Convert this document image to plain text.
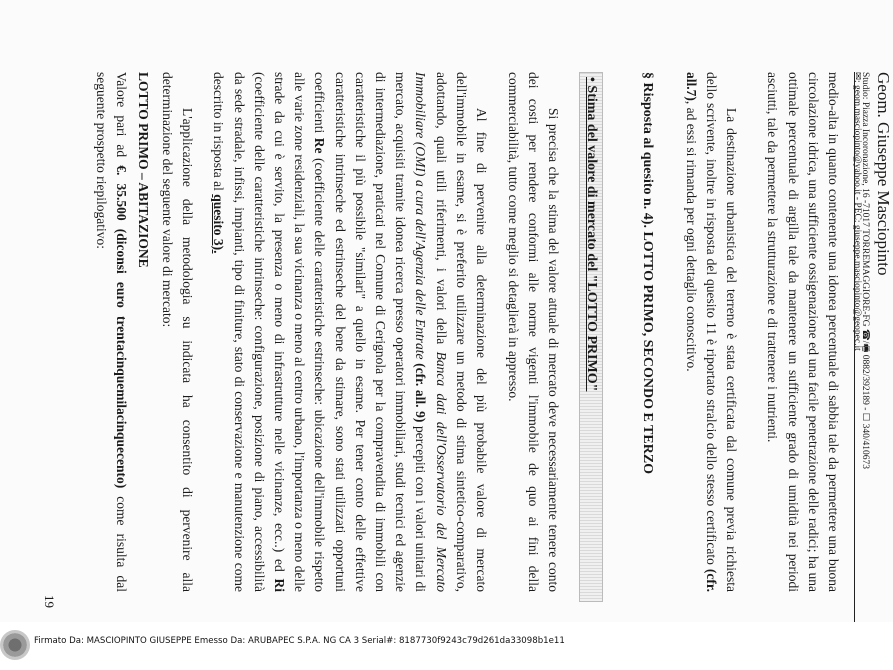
Geom. Giuseppe Masciopinto
Studio: Piazza Incoronazione, 16 -71017 TORREMAGGIORE-FG ☎/🖷 0882/392189 - ☐ 340/410673
✉: geom.masciopinto@yahoo.it - PEC: giuseppe.masciopinto@geopec.it
medio-alta in quanto contenente una idonea percentuale di sabbia tale da permettere una buona circolazione idrica, una sufficiente ossigenazione ed una facile penetrazione delle radici; ha una ottimale percentuale di argilla tale da mantenere un sufficiente grado di umidità nei periodi asciutti, tale da permettere la strutturazione e di trattenere i nutrienti.
La destinazione urbanistica del terreno è stata certificata dal comune previa richiesta dello scrivente, inoltre in risposta del quesito 11 è riportato stralcio dello stesso certificato (cfr. all.7), ad essi si rimanda per ogni dettaglio conoscitivo.
§ Risposta al quesito n. 4). LOTTO PRIMO, SECONDO E TERZO
• Stima del valore di mercato del "LOTTO PRIMO"
Si precisa che la stima del valore attuale di mercato deve necessariamente tenere conto dei costi per rendere conformi alle norme vigenti l'immobile de quo ai fini della commerciabilità, tutto come meglio si detaglierà in appresso.
Al fine di pervenire alla determinazione del più probabile valore di mercato dell'immobile in esame, si è preferito utilizzare un metodo di stima sintetico-comparativo, adottando, quali utili riferimenti, i valori della Banca dati dell'Osservatorio del Mercato Immobiliare (OMI) a cura dell'Agenzia delle Entrate (cfr. all. 9) percepiti con i valori unitari di mercato, acquisiti tramite idonea ricerca presso operatori immobiliari, studi tecnici ed agenzie di intermediazione, praticati nel Comune di Cerignola per la compravendita di immobili con caratteristiche il più possibile "similari" a quello in esame. Per tener conto delle effettive caratteristiche intrinseche ed estrinseche del bene da stimare, sono stati utilizzati opportuni coefficienti Re (coefficiente delle caratteristiche estrinseche: ubicazione dell'immobile rispetto alle varie zone residenziali, la sua vicinanza o meno al centro urbano, l'importanza o meno delle strade da cui è servito, la presenza o meno di infrastrutture nelle vicinanze, ecc..) ed Ri (coefficiente delle caratteristiche intrinseche: configurazione, posizione di piano, accessibilità da sede stradale, infissi, impianti, tipo di finiture, stato di conservazione e manutenzione come descritto in risposta al quesito 3).
L'applicazione della metodologia su indicata ha consentito di pervenire alla determinazione del seguente valore di mercato:
LOTTO PRIMO – ABITAZIONE
Valore pari ad €. 35.500 (diconsi euro trentacinquemilacinquecento) come risulta dal seguente prospetto riepilogativo:
19
Firmato Da: MASCIOPINTO GIUSEPPE Emesso Da: ARUBAPEC S.P.A. NG CA 3 Serial#: 8187730f9243c79d261da33098b1e11
